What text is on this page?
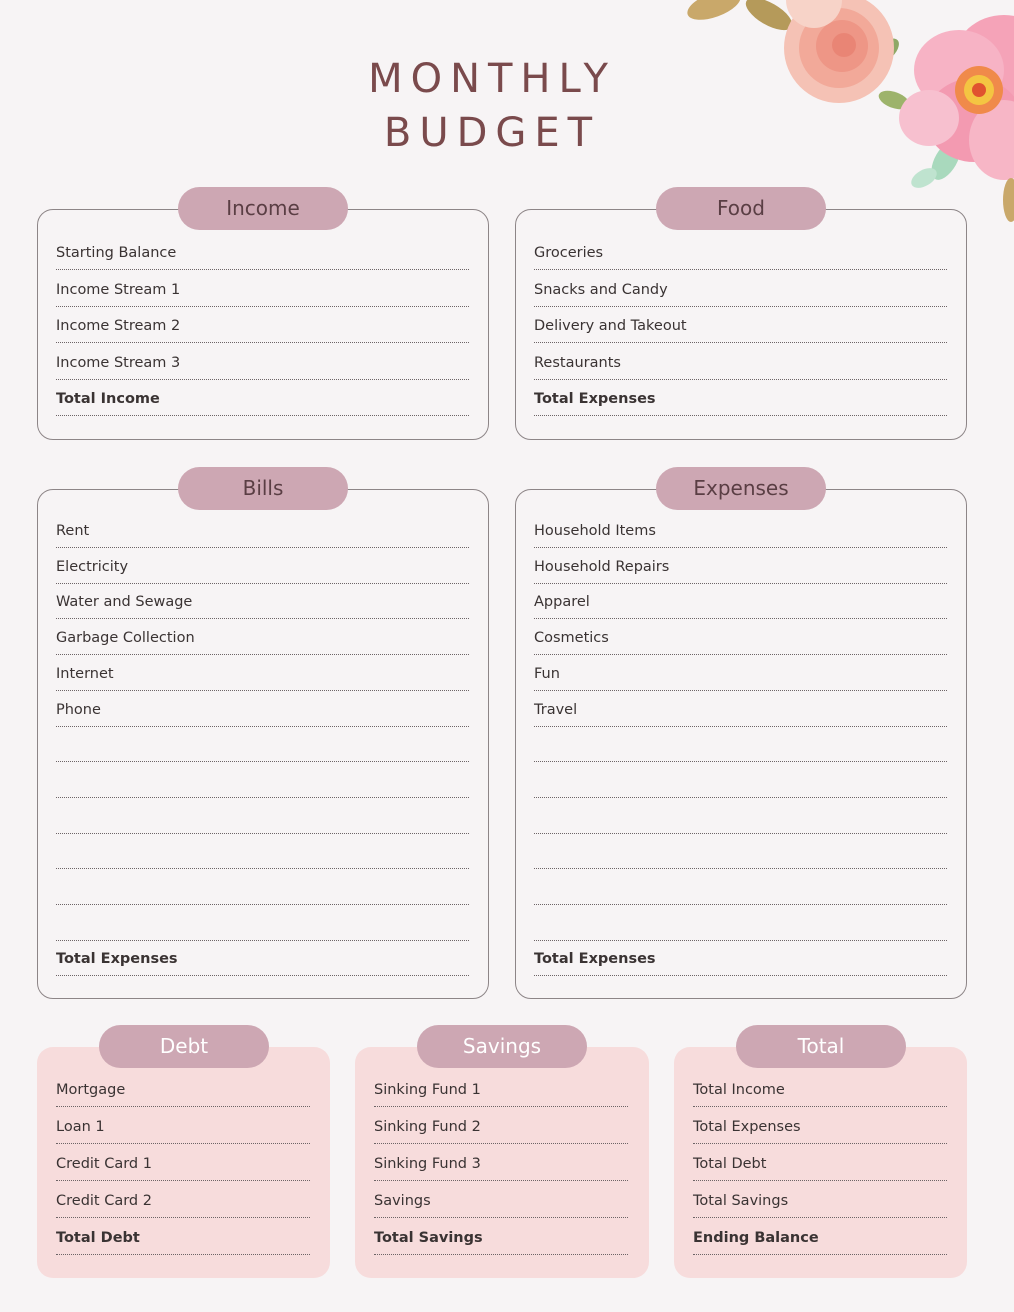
MONTHLY
BUDGET
Income
Starting Balance
Income Stream 1
Income Stream 2
Income Stream 3
Total Income
Food
Groceries
Snacks and Candy
Delivery and Takeout
Restaurants
Total Expenses
Bills
Rent
Electricity
Water and Sewage
Garbage Collection
Internet
Phone
Total Expenses
Expenses
Household Items
Household Repairs
Apparel
Cosmetics
Fun
Travel
Total Expenses
Debt
Mortgage
Loan 1
Credit Card 1
Credit Card 2
Total Debt
Savings
Sinking Fund 1
Sinking Fund 2
Sinking Fund 3
Savings
Total Savings
Total
Total Income
Total Expenses
Total Debt
Total Savings
Ending Balance
